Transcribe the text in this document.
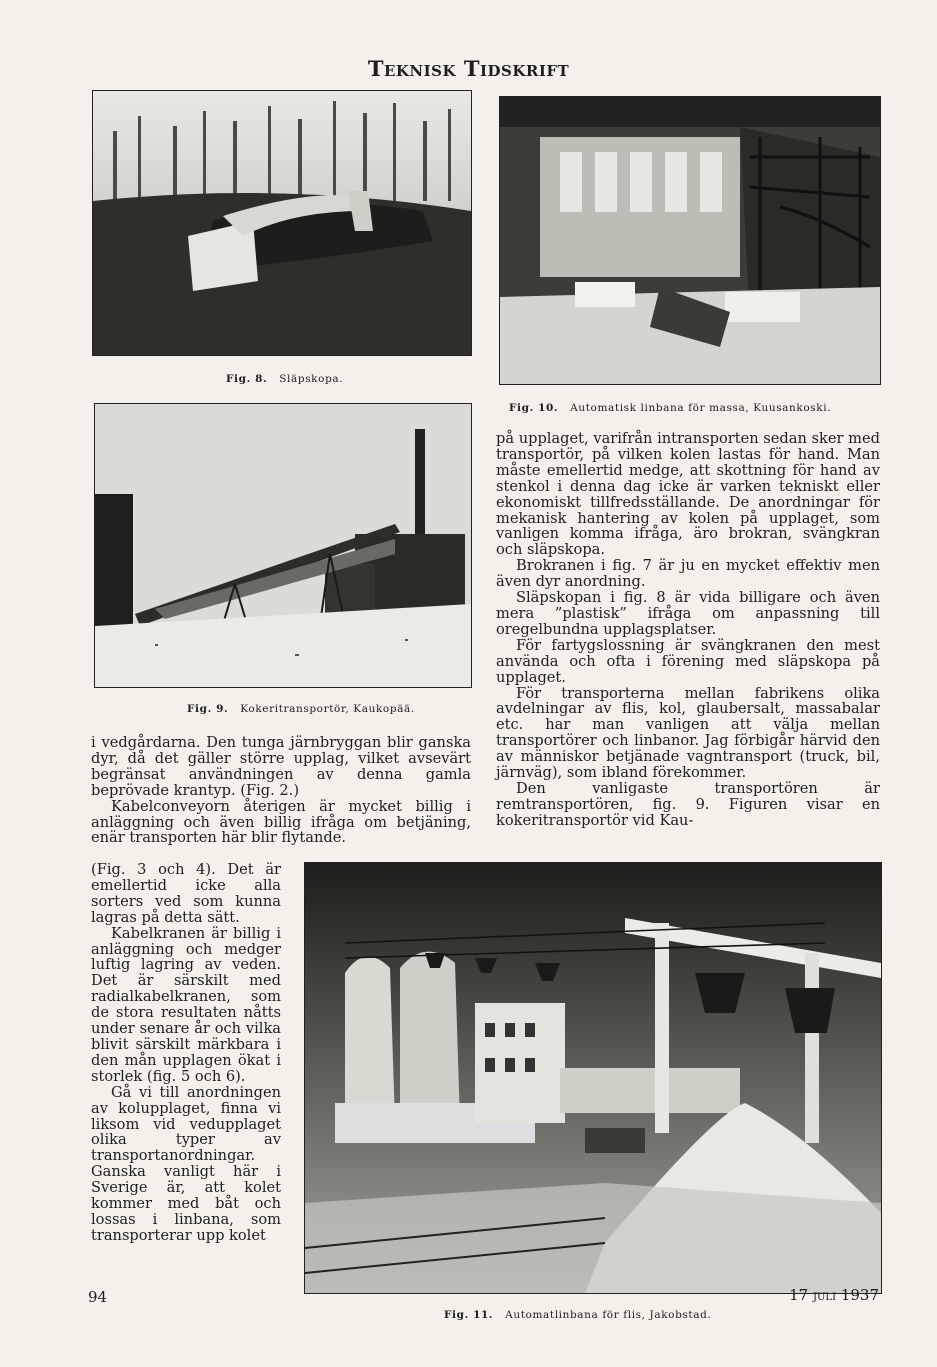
Teknisk Tidskrift
Fig. 8. Släpskopa.
Fig. 10. Automatisk linbana för massa, Kuusankoski.
Fig. 9. Kokeritransportör, Kaukopää.

i vedgårdarna. Den tunga järnbryggan blir ganska dyr, då det gäller större upplag, vilket avsevärt begränsat användningen av denna gamla beprövade krantyp. (Fig. 2.)

Kabelconveyorn återigen är mycket billig i anläggning och även billig ifråga om betjäning, enär transporten här blir flytande.

(Fig. 3 och 4). Det är emellertid icke alla sorters ved som kunna lagras på detta sätt.

Kabelkranen är billig i anläggning och medger luftig lagring av veden. Det är särskilt med radialkabelkranen, som de stora resultaten nåtts under senare år och vilka blivit särskilt märkbara i den mån upplagen ökat i storlek (fig. 5 och 6).

Gå vi till anordningen av kolupplaget, finna vi liksom vid vedupplaget olika typer av transportanordningar. Ganska vanligt här i Sverige är, att kolet kommer med båt och lossas i linbana, som transporterar upp kolet

på upplaget, varifrån intransporten sedan sker med transportör, på vilken kolen lastas för hand. Man måste emellertid medge, att skottning för hand av stenkol i denna dag icke är varken tekniskt eller ekonomiskt tillfredsställande. De anordningar för mekanisk hantering av kolen på upplaget, som vanligen komma ifråga, äro brokran, svängkran och släpskopa.

Brokranen i fig. 7 är ju en mycket effektiv men även dyr anordning.

Släpskopan i fig. 8 är vida billigare och även mera ”plastisk” ifråga om anpassning till oregelbundna upplagsplatser.

För fartygslossning är svängkranen den mest använda och ofta i förening med släpskopa på upplaget.

För transporterna mellan fabrikens olika avdelningar av flis, kol, glaubersalt, massabalar etc. har man vanligen att välja mellan transportörer och linbanor. Jag förbigår härvid den av människor betjänade vagntransport (truck, bil, järnväg), som ibland förekommer.

Den vanligaste transportören är remtransportören, fig. 9. Figuren visar en kokeritransportör vid Kau-

Fig. 11. Automatlinbana för flis, Jakobstad.
94	17 juli 1937
